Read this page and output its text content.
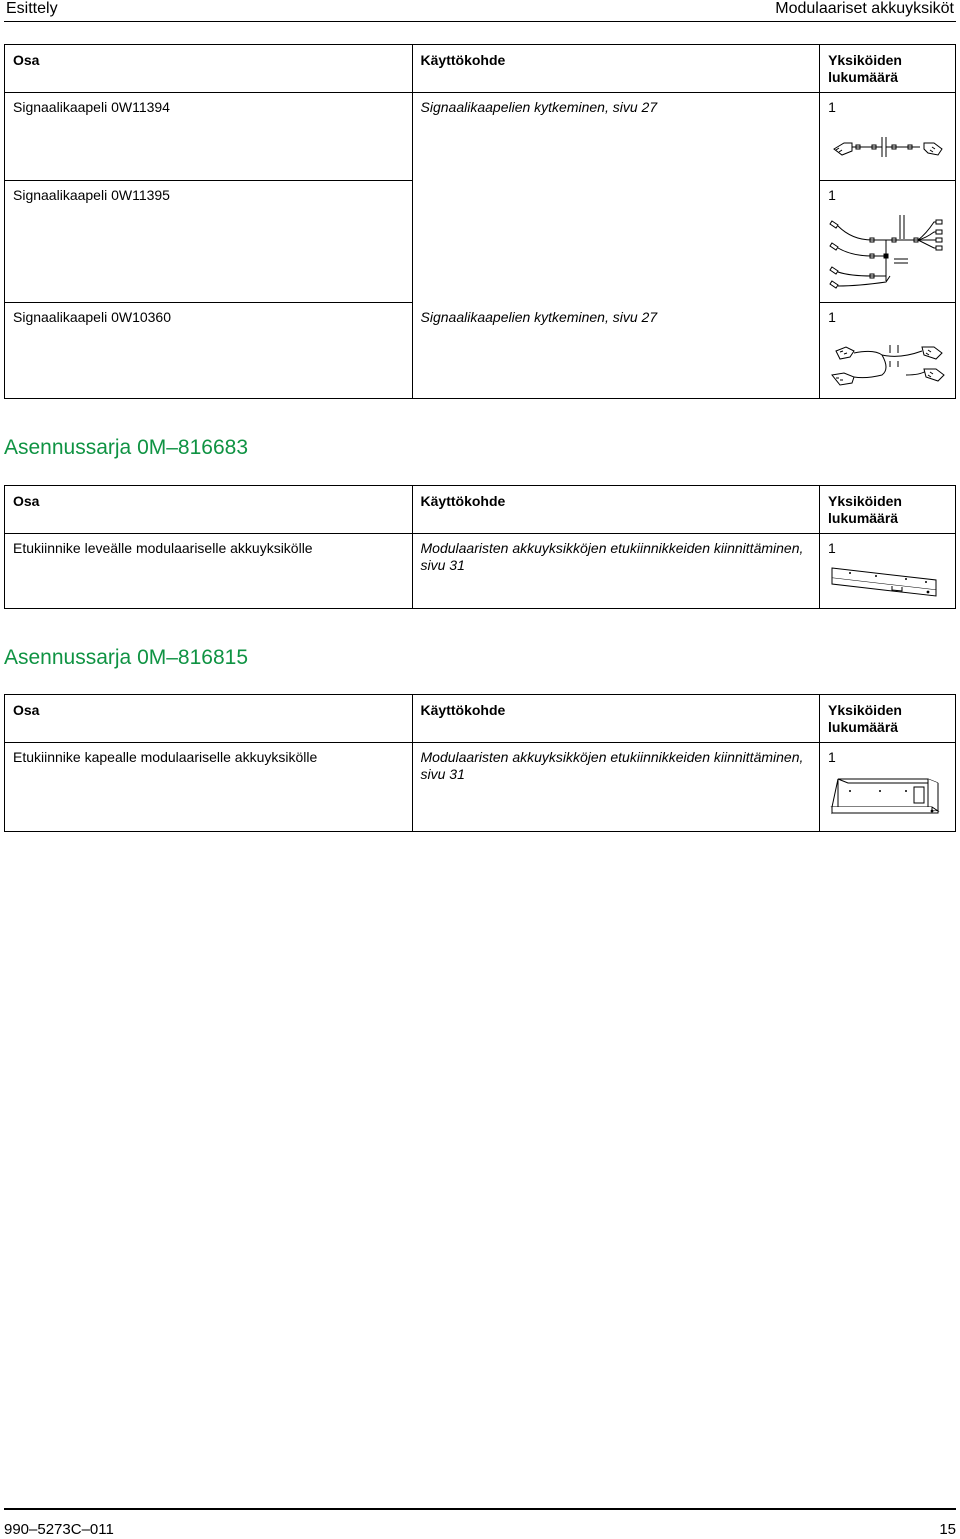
Esittely	Modulaariset akkuyksiköt
Osa	Käyttökohde	Yksiköiden lukumäärä
Signaalikaapeli 0W11394	Signaalikaapelien kytkeminen, sivu 27	1

Signaalikaapeli 0W11395		1

Signaalikaapeli 0W10360	Signaalikaapelien kytkeminen, sivu 27	1
Asennussarja 0M–816683
Osa	Käyttökohde	Yksiköiden lukumäärä
Etukiinnike leveälle modulaariselle akkuyksikölle	Modulaaristen akkuyksikköjen etukiinnikkeiden kiinnittäminen, sivu 31	1
Asennussarja 0M–816815
Osa	Käyttökohde	Yksiköiden lukumäärä
Etukiinnike kapealle modulaariselle akkuyksikölle	Modulaaristen akkuyksikköjen etukiinnikkeiden kiinnittäminen, sivu 31	1
990–5273C–011	15
